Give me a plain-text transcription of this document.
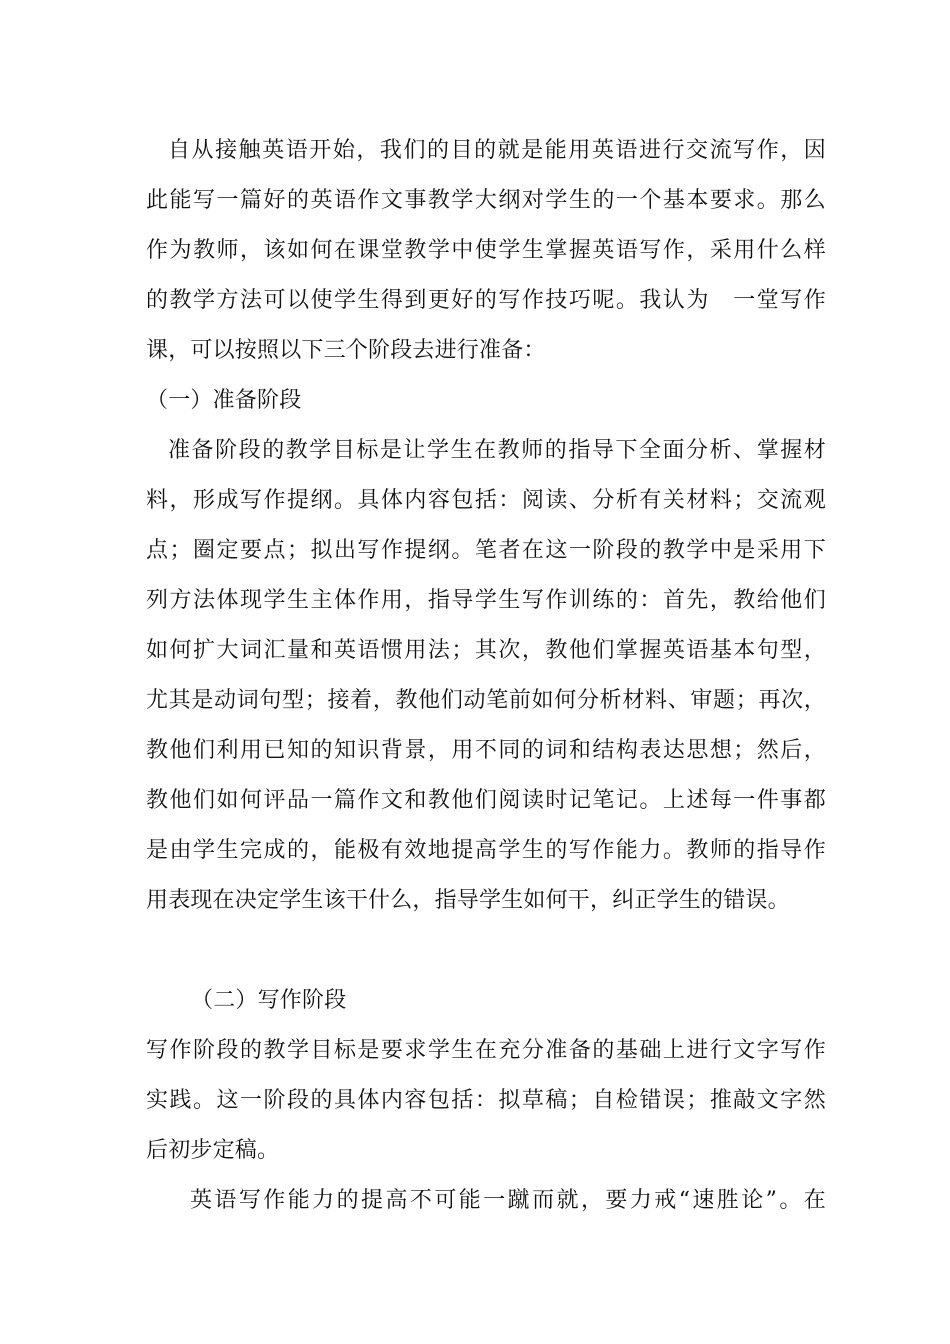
自从接触英语开始，我们的目的就是能用英语进行交流写作，因
此能写一篇好的英语作文事教学大纲对学生的一个基本要求。那么
作为教师，该如何在课堂教学中使学生掌握英语写作，采用什么样
的教学方法可以使学生得到更好的写作技巧呢。我认为　一堂写作
课，可以按照以下三个阶段去进行准备：
（一）准备阶段
准备阶段的教学目标是让学生在教师的指导下全面分析、掌握材
料，形成写作提纲。具体内容包括：阅读、分析有关材料；交流观
点；圈定要点；拟出写作提纲。笔者在这一阶段的教学中是采用下
列方法体现学生主体作用，指导学生写作训练的：首先，教给他们
如何扩大词汇量和英语惯用法；其次，教他们掌握英语基本句型，
尤其是动词句型；接着，教他们动笔前如何分析材料、审题；再次，
教他们利用已知的知识背景，用不同的词和结构表达思想；然后，
教他们如何评品一篇作文和教他们阅读时记笔记。上述每一件事都
是由学生完成的，能极有效地提高学生的写作能力。教师的指导作
用表现在决定学生该干什么，指导学生如何干，纠正学生的错误。
（二）写作阶段
写作阶段的教学目标是要求学生在充分准备的基础上进行文字写作
实践。这一阶段的具体内容包括：拟草稿；自检错误；推敲文字然
后初步定稿。
英语写作能力的提高不可能一蹴而就，要力戒“速胜论”。在
